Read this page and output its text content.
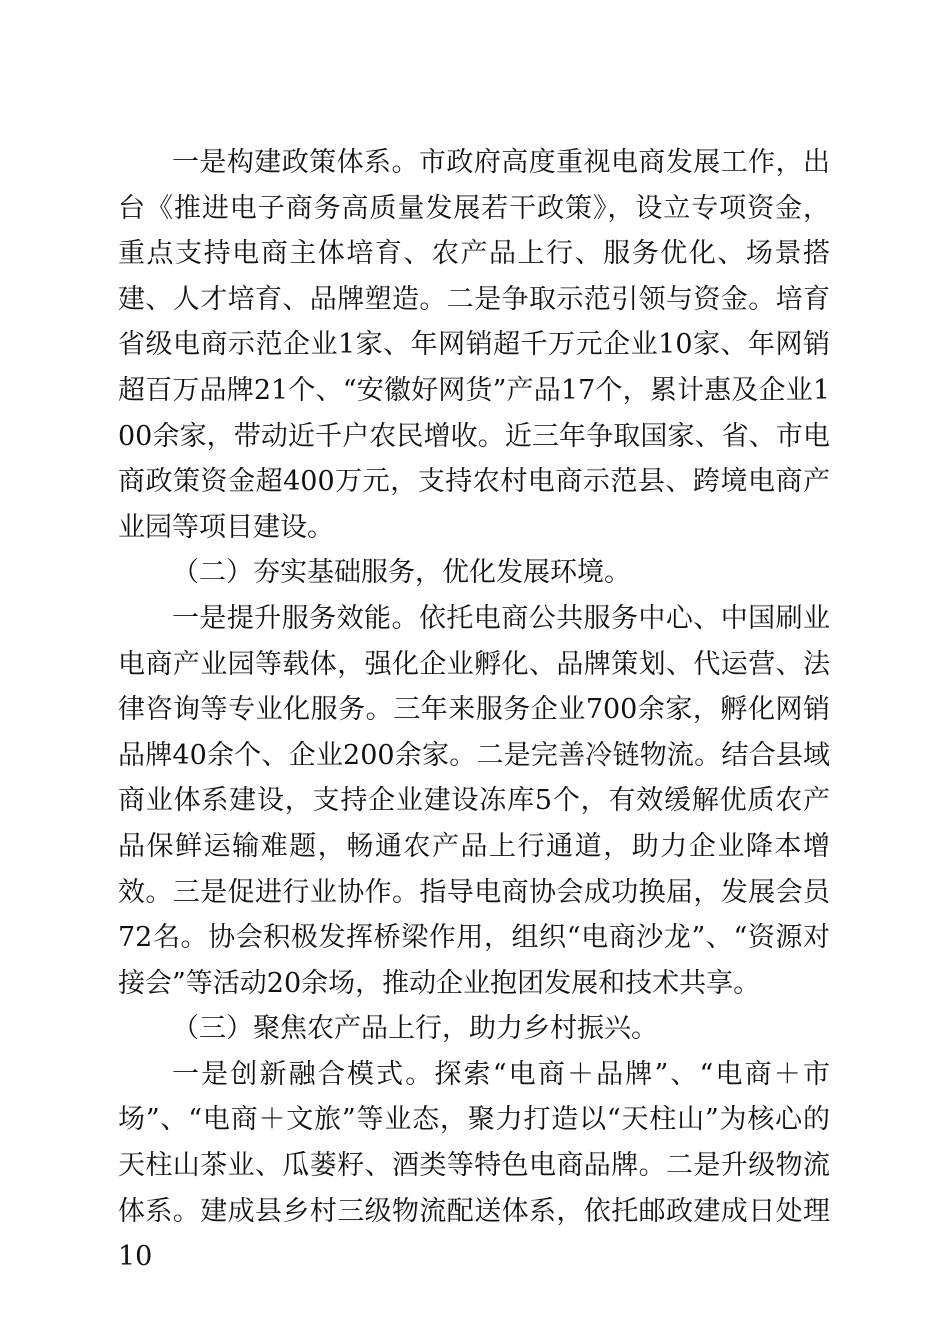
一是构建政策体系。市政府高度重视电商发展工作，出台《推进电子商务高质量发展若干政策》，设立专项资金，重点支持电商主体培育、农产品上行、服务优化、场景搭建、人才培育、品牌塑造。二是争取示范引领与资金。培育省级电商示范企业1家、年网销超千万元企业10家、年网销超百万品牌21个、“安徽好网货”产品17个，累计惠及企业100余家，带动近千户农民增收。近三年争取国家、省、市电商政策资金超400万元，支持农村电商示范县、跨境电商产业园等项目建设。

（二）夯实基础服务，优化发展环境。

一是提升服务效能。依托电商公共服务中心、中国刷业电商产业园等载体，强化企业孵化、品牌策划、代运营、法律咨询等专业化服务。三年来服务企业700余家，孵化网销品牌40余个、企业200余家。二是完善冷链物流。结合县域商业体系建设，支持企业建设冻库5个，有效缓解优质农产品保鲜运输难题，畅通农产品上行通道，助力企业降本增效。三是促进行业协作。指导电商协会成功换届，发展会员72名。协会积极发挥桥梁作用，组织“电商沙龙”、“资源对接会”等活动20余场，推动企业抱团发展和技术共享。

（三）聚焦农产品上行，助力乡村振兴。

一是创新融合模式。探索“电商＋品牌”、“电商＋市场”、“电商＋文旅”等业态，聚力打造以“天柱山”为核心的天柱山茶业、瓜蒌籽、酒类等特色电商品牌。二是升级物流体系。建成县乡村三级物流配送体系，依托邮政建成日处理10
